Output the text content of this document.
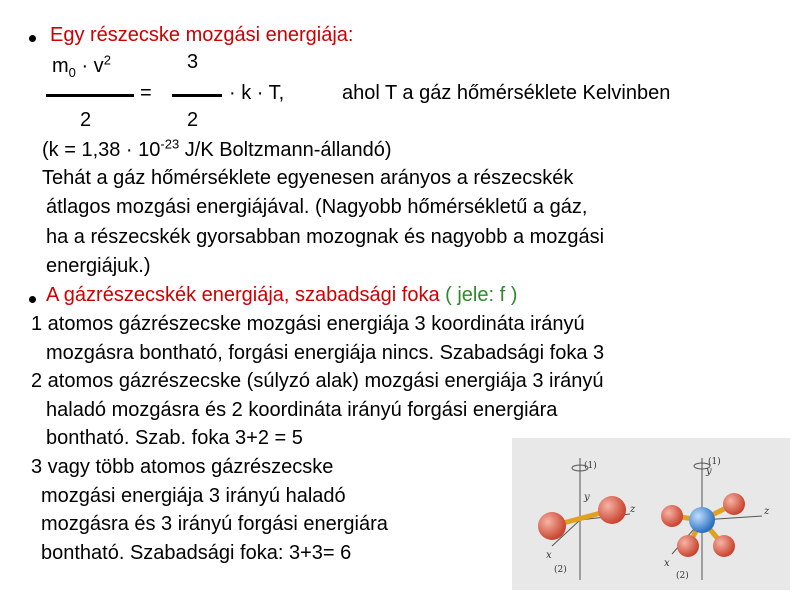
Egy részecske mozgási energiája:
$m_0 \cdot v^2$	3
=	· k · T,	ahol T a gáz hőmérséklete Kelvinben
2	2
($k = 1,38 \cdot 10^{-23}$ J/K Boltzmann-állandó)
Tehát a gáz hőmérséklete egyenesen arányos a részecskék
átlagos mozgási energiájával. (Nagyobb hőmérsékletű a gáz,
ha a részecskék gyorsabban mozognak és nagyobb a mozgási
energiájuk.)
A gázrészecskék energiája, szabadsági foka ( jele: f )
1 atomos gázrészecske mozgási energiája 3 koordináta irányú
mozgásra bontható, forgási energiája nincs. Szabadsági foka 3
2 atomos gázrészecske (súlyzó alak) mozgási energiája 3 irányú
haladó mozgásra és 2 koordináta irányú forgási energiára
bontható. Szab. foka 3+2 = 5
3 vagy több atomos gázrészecske
mozgási energiája 3 irányú haladó
mozgásra és 3 irányú forgási energiára
bontható. Szabadsági foka: 3+3= 6
y
z
x
(1)
(2)
y
z
x
(1)
(2)
